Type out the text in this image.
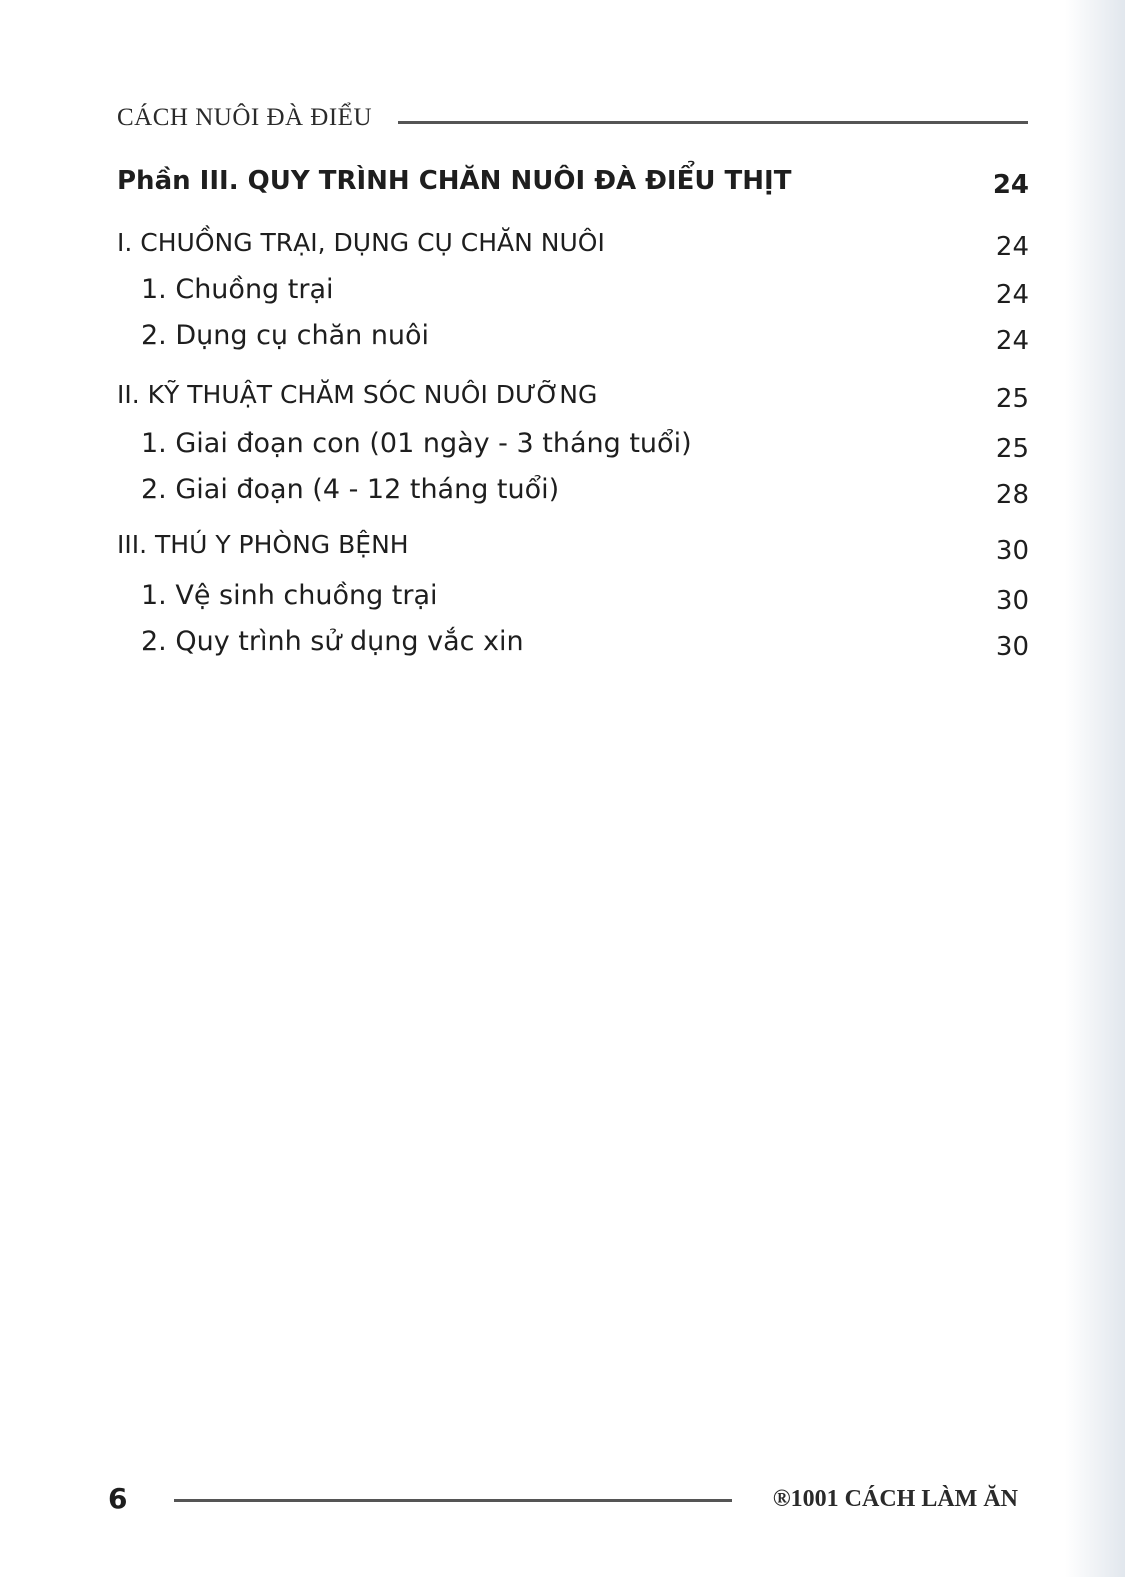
CÁCH NUÔI ĐÀ ĐIỂU
Phần III. QUY TRÌNH CHĂN NUÔI ĐÀ ĐIỂU THỊT	24
I. CHUỒNG TRẠI, DỤNG CỤ CHĂN NUÔI	24
1. Chuồng trại	24
2. Dụng cụ chăn nuôi	24
II. KỸ THUẬT CHĂM SÓC NUÔI DƯỠNG	25
1. Giai đoạn con (01 ngày - 3 tháng tuổi)	25
2. Giai đoạn (4 - 12 tháng tuổi)	28
III. THÚ Y PHÒNG BỆNH	30
1. Vệ sinh chuồng trại	30
2. Quy trình sử dụng vắc xin	30
6	®1001 CÁCH LÀM ĂN
